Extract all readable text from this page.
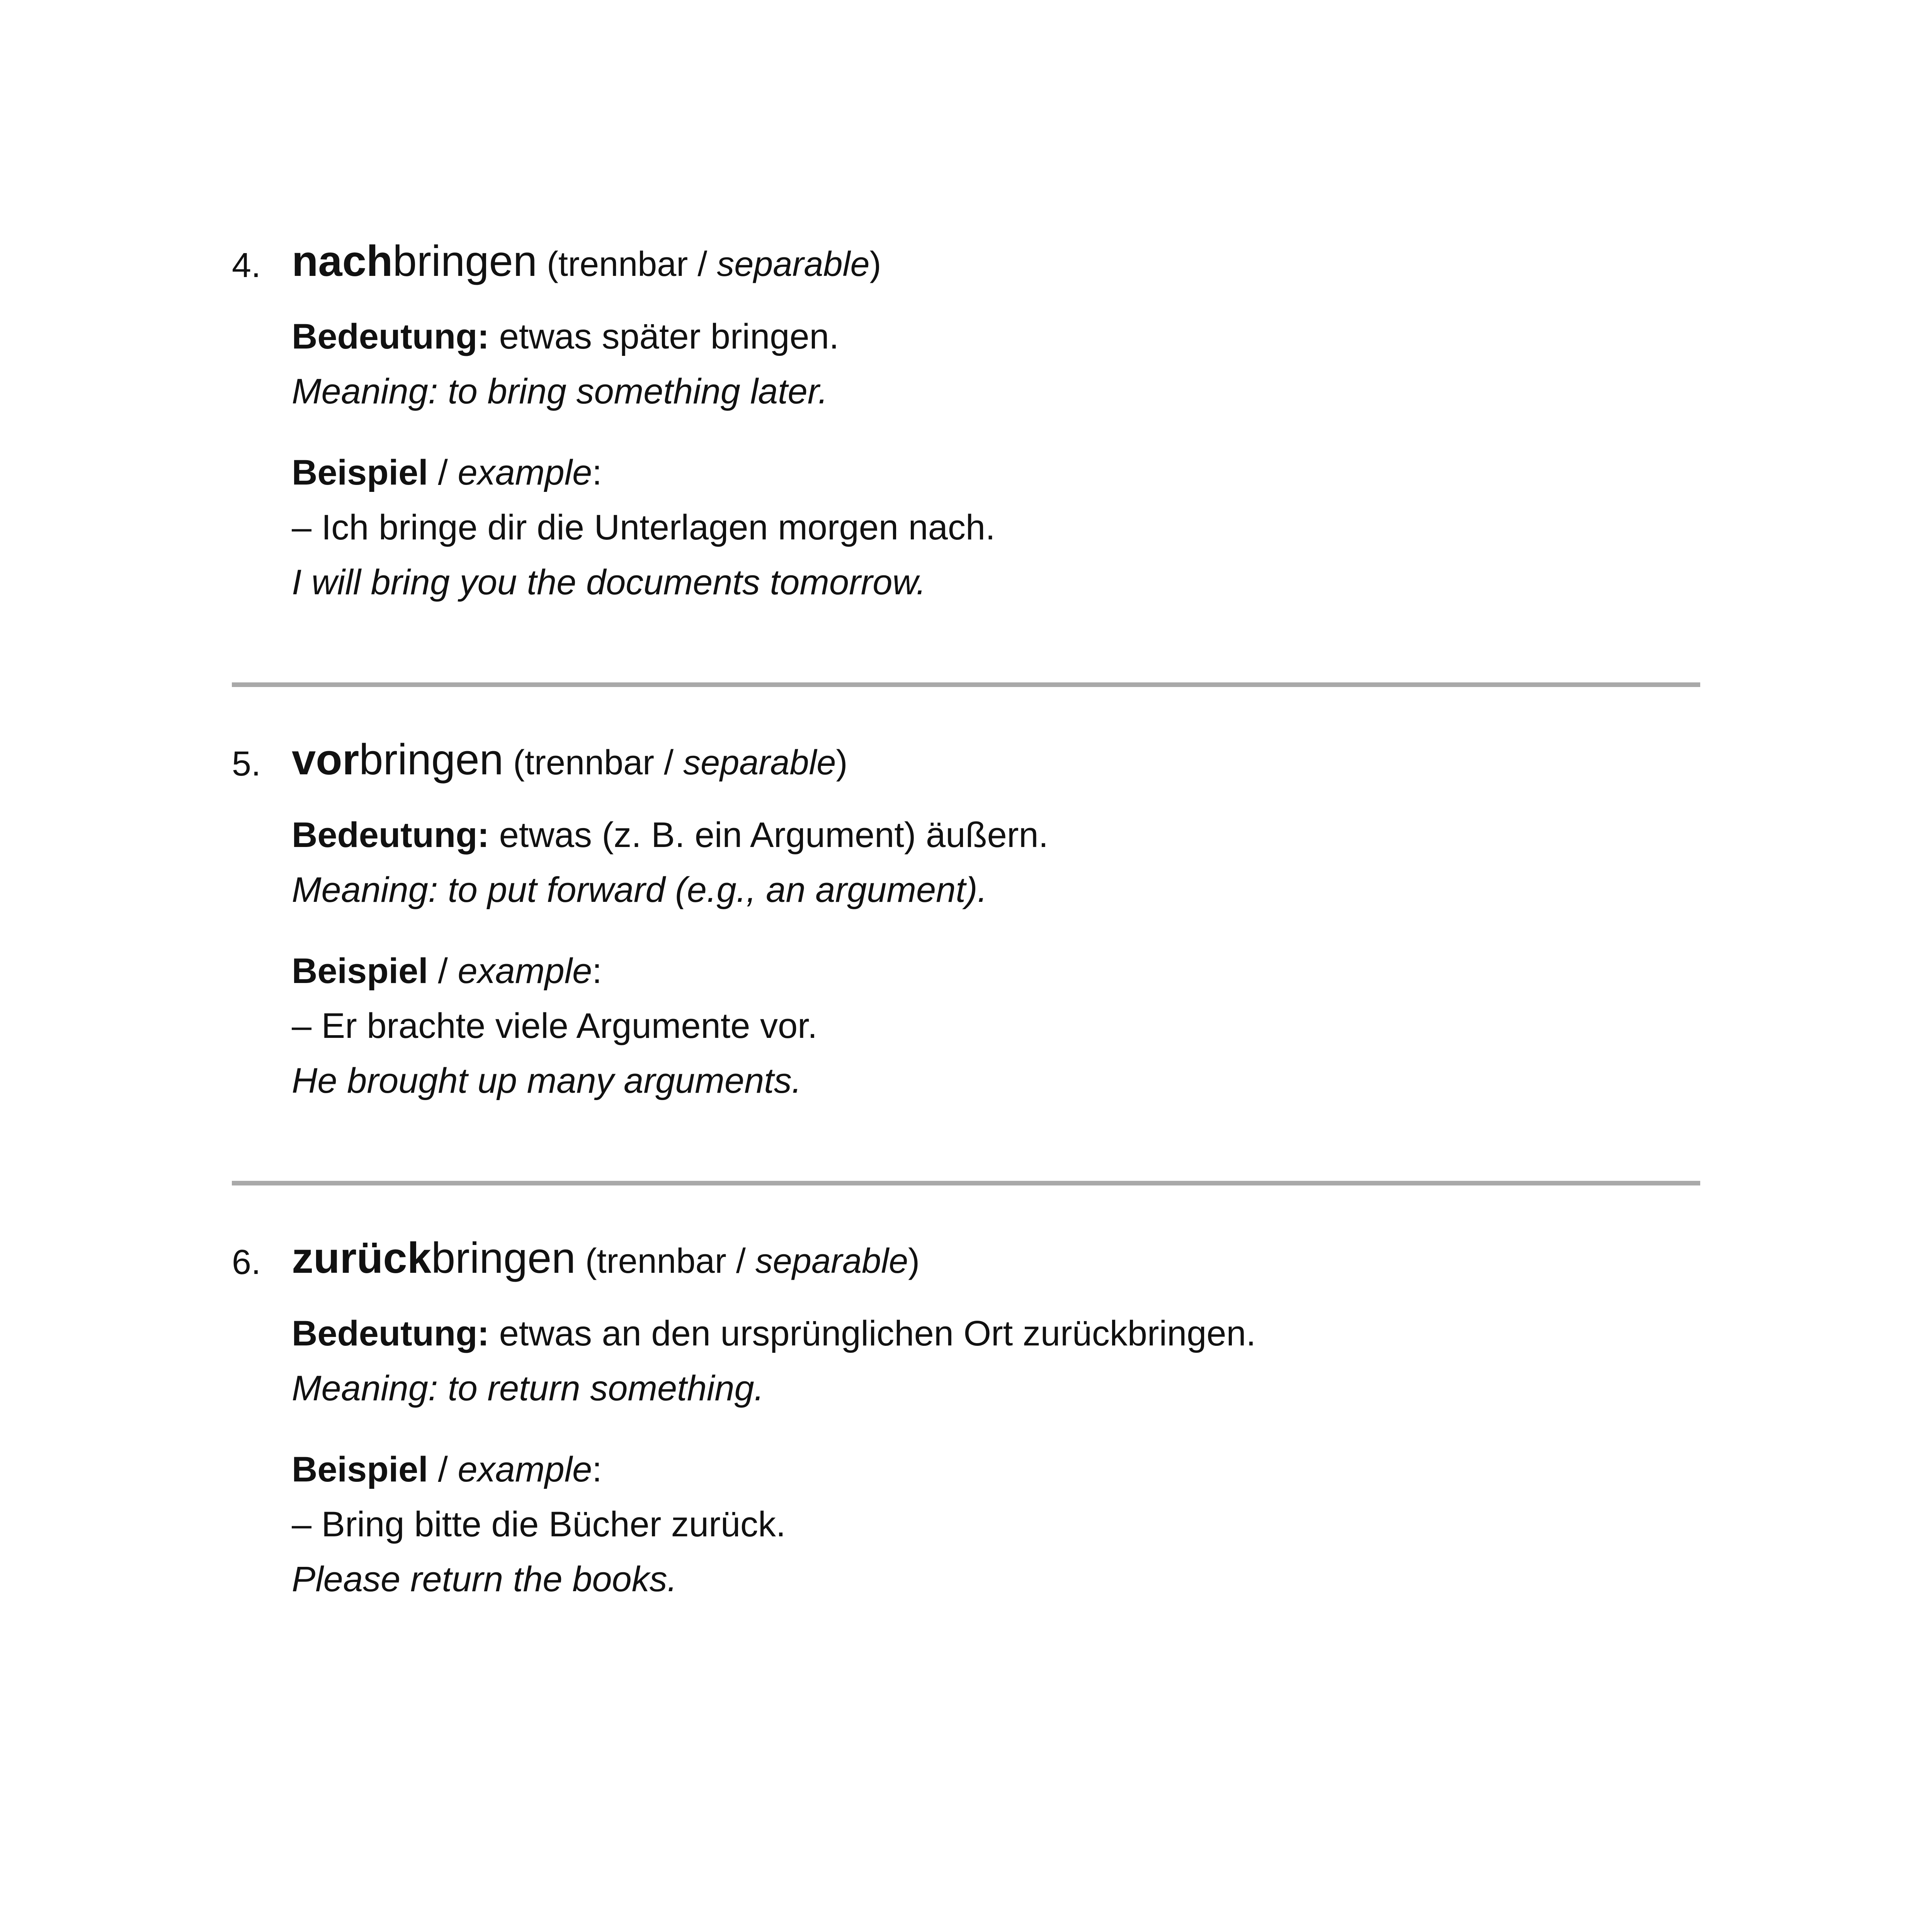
4. nachbringen (trennbar / separable)

Bedeutung: etwas später bringen.

Meaning: to bring something later.

Beispiel / example:

– Ich bringe dir die Unterlagen morgen nach.

I will bring you the documents tomorrow.

5. vorbringen (trennbar / separable)

Bedeutung: etwas (z. B. ein Argument) äußern.

Meaning: to put forward (e.g., an argument).

Beispiel / example:

– Er brachte viele Argumente vor.

He brought up many arguments.

6. zurückbringen (trennbar / separable)

Bedeutung: etwas an den ursprünglichen Ort zurückbringen.

Meaning: to return something.

Beispiel / example:

– Bring bitte die Bücher zurück.

Please return the books.
